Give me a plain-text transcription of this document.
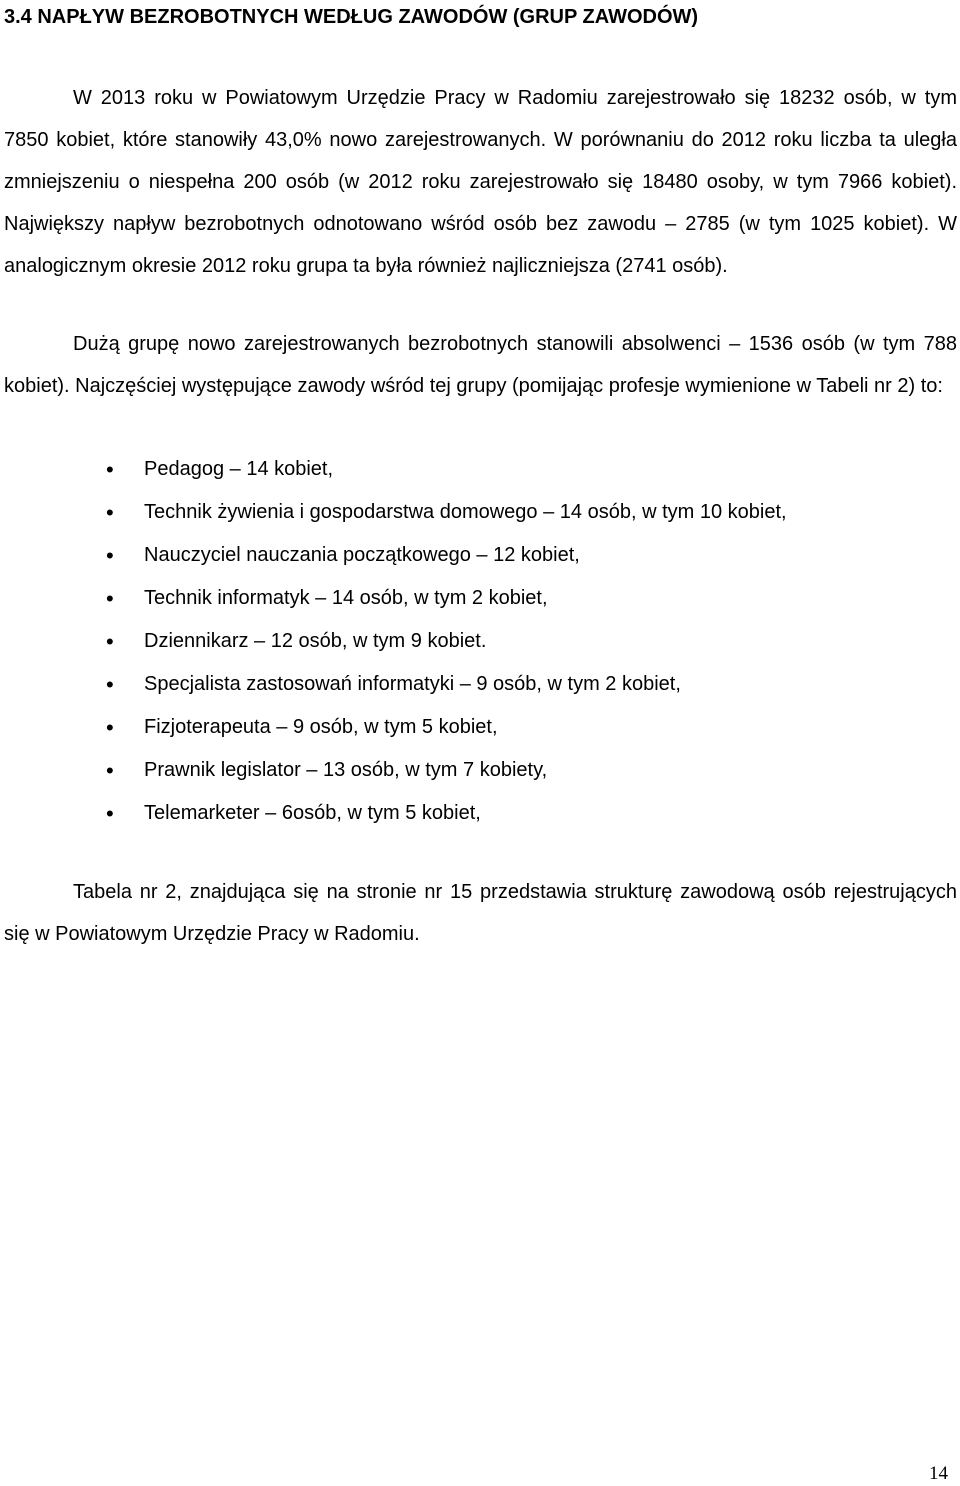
3.4 NAPŁYW BEZROBOTNYCH WEDŁUG ZAWODÓW (GRUP ZAWODÓW)

W 2013 roku w Powiatowym Urzędzie Pracy w Radomiu zarejestrowało się 18232 osób, w tym 7850 kobiet, które stanowiły 43,0% nowo zarejestrowanych. W porównaniu do 2012 roku liczba ta uległa zmniejszeniu o niespełna 200 osób (w 2012 roku zarejestrowało się 18480 osoby, w tym 7966 kobiet). Największy napływ bezrobotnych odnotowano wśród osób bez zawodu – 2785 (w tym 1025 kobiet). W analogicznym okresie 2012 roku grupa ta była również najliczniejsza (2741 osób).

Dużą grupę nowo zarejestrowanych bezrobotnych stanowili absolwenci – 1536 osób (w tym 788 kobiet). Najczęściej występujące zawody wśród tej grupy (pomijając profesje wymienione w Tabeli nr 2) to:

• Pedagog – 14 kobiet,
• Technik żywienia i gospodarstwa domowego – 14 osób, w tym 10 kobiet,
• Nauczyciel nauczania początkowego – 12 kobiet,
• Technik informatyk – 14 osób, w tym 2 kobiet,
• Dziennikarz – 12 osób, w tym 9 kobiet.
• Specjalista zastosowań informatyki – 9 osób, w tym 2 kobiet,
• Fizjoterapeuta – 9 osób, w tym 5 kobiet,
• Prawnik legislator – 13 osób, w tym 7 kobiety,
• Telemarketer – 6osób, w tym 5 kobiet,

Tabela nr 2, znajdująca się na stronie nr 15 przedstawia strukturę zawodową osób rejestrujących się w Powiatowym Urzędzie Pracy w Radomiu.

14
